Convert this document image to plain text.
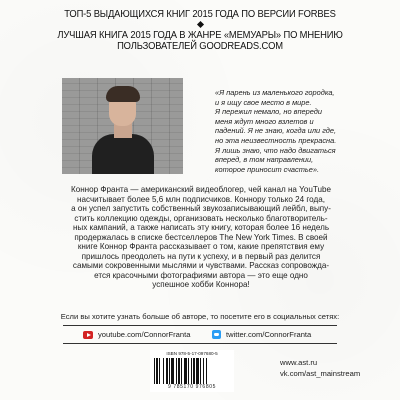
ТОП-5 ВЫДАЮЩИХСЯ КНИГ 2015 ГОДА ПО ВЕРСИИ FORBES
ЛУЧШАЯ КНИГА 2015 ГОДА В ЖАНРЕ «МЕМУАРЫ» ПО МНЕНИЮ
ПОЛЬЗОВАТЕЛЕЙ GOODREADS.COM
«Я парень из маленького городка,
и я ищу свое место в мире.
Я пережил немало, но впереди
меня ждут много взлетов и
падений. Я не знаю, когда или где,
но эта неизвестность прекрасна.
Я лишь знаю, что надо двигаться
вперед, в том направлении,
которое приносит счастье».
Коннор Франта — американский видеоблогер, чей канал на YouTube
насчитывает более 5,6 млн подписчиков. Коннору только 24 года,
а он успел запустить собственный звукозаписывающий лейбл, выпу-
стить коллекцию одежды, организовать несколько благотворитель-
ных кампаний, а также написать эту книгу, которая более 16 недель
продержалась в списке бестселлеров The New York Times. В своей
книге Коннор Франта рассказывает о том, какие препятствия ему
пришлось преодолеть на пути к успеху, и в первый раз делится
самыми сокровенными мыслями и чувствами. Рассказ сопровожда-
ется красочными фотографиями автора — это еще одно
успешное хобби Коннора!
Если вы хотите узнать больше об авторе, то посетите его в социальных сетях:
youtube.com/ConnorFranta	twitter.com/ConnorFranta
ISBN 978-5-17-097680-5
9 785170 976805
www.ast.ru
vk.com/ast_mainstream
